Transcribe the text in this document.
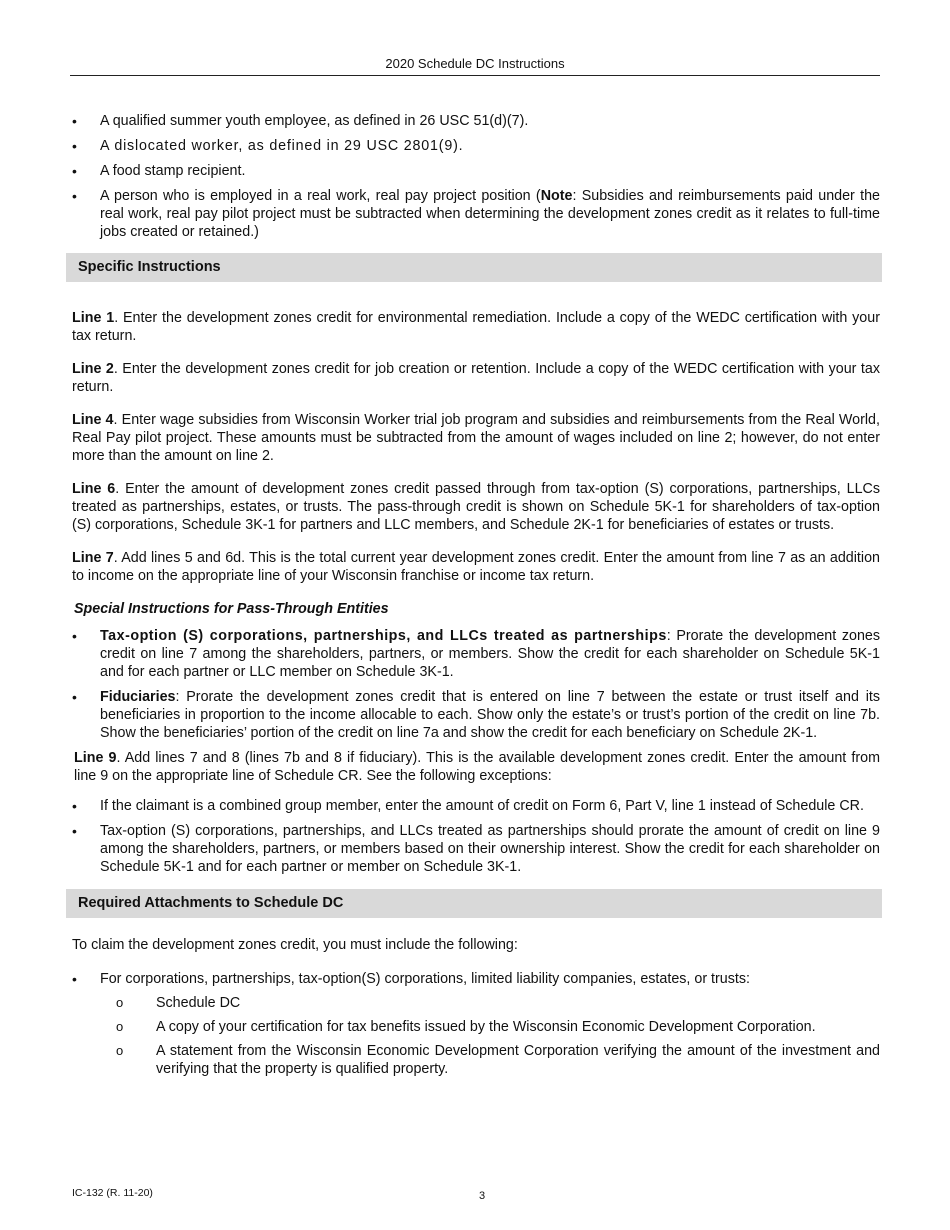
2020 Schedule DC Instructions
• A qualified summer youth employee, as defined in 26 USC 51(d)(7).
• A dislocated worker, as defined in 29 USC 2801(9).
• A food stamp recipient.
• A person who is employed in a real work, real pay project position (Note: Subsidies and reimbursements paid under the real work, real pay pilot project must be subtracted when determining the development zones credit as it relates to full-time jobs created or retained.)
Specific Instructions

Line 1. Enter the development zones credit for environmental remediation. Include a copy of the WEDC certification with your tax return.

Line 2. Enter the development zones credit for job creation or retention. Include a copy of the WEDC certification with your tax return.

Line 4. Enter wage subsidies from Wisconsin Worker trial job program and subsidies and reimbursements from the Real World, Real Pay pilot project. These amounts must be subtracted from the amount of wages included on line 2; however, do not enter more than the amount on line 2.

Line 6. Enter the amount of development zones credit passed through from tax-option (S) corporations, partnerships, LLCs treated as partnerships, estates, or trusts. The pass-through credit is shown on Schedule 5K-1 for shareholders of tax-option (S) corporations, Schedule 3K-1 for partners and LLC members, and Schedule 2K-1 for beneficiaries of estates or trusts.

Line 7. Add lines 5 and 6d. This is the total current year development zones credit. Enter the amount from line 7 as an addition to income on the appropriate line of your Wisconsin franchise or income tax return.

Special Instructions for Pass-Through Entities

• Tax-option (S) corporations, partnerships, and LLCs treated as partnerships: Prorate the development zones credit on line 7 among the shareholders, partners, or members. Show the credit for each shareholder on Schedule 5K-1 and for each partner or LLC member on Schedule 3K-1.
• Fiduciaries: Prorate the development zones credit that is entered on line 7 between the estate or trust itself and its beneficiaries in proportion to the income allocable to each. Show only the estate’s or trust’s portion of the credit on line 7b. Show the beneficiaries’ portion of the credit on line 7a and show the credit for each beneficiary on Schedule 2K-1.

Line 9. Add lines 7 and 8 (lines 7b and 8 if fiduciary). This is the available development zones credit. Enter the amount from line 9 on the appropriate line of Schedule CR. See the following exceptions:

• If the claimant is a combined group member, enter the amount of credit on Form 6, Part V, line 1 instead of Schedule CR.
• Tax-option (S) corporations, partnerships, and LLCs treated as partnerships should prorate the amount of credit on line 9 among the shareholders, partners, or members based on their ownership interest. Show the credit for each shareholder on Schedule 5K-1 and for each partner or member on Schedule 3K-1.
Required Attachments to Schedule DC

To claim the development zones credit, you must include the following:

• For corporations, partnerships, tax-option(S) corporations, limited liability companies, estates, or trusts:
o Schedule DC
o A copy of your certification for tax benefits issued by the Wisconsin Economic Development Corporation.
o A statement from the Wisconsin Economic Development Corporation verifying the amount of the investment and verifying that the property is qualified property.
IC-132 (R. 11-20)	3
